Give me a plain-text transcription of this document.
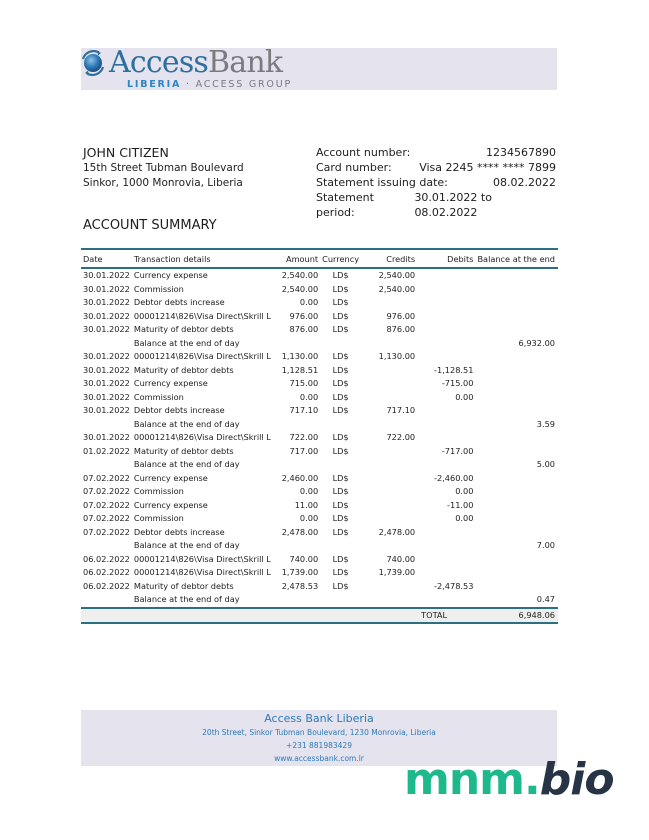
AccessBank
LIBERIA · ACCESS GROUP
JOHN CITIZEN
15th Street Tubman Boulevard
Sinkor, 1000 Monrovia, Liberia
Account number:	1234567890
Card number:	Visa 2245 **** **** 7899
Statement issuing date:	08.02.2022
Statement period:
30.01.2022 to 08.02.2022
ACCOUNT SUMMARY
Date	Transaction details	Amount	Currency	Credits	Debits	Balance at the end
30.01.2022	Currency expense	2,540.00	LD$	2,540.00		
30.01.2022	Commission	2,540.00	LD$	2,540.00		
30.01.2022	Debtor debts increase	0.00	LD$			
30.01.2022	00001214\826\Visa Direct\Skrill L	976.00	LD$	976.00		
30.01.2022	Maturity of debtor debts	876.00	LD$	876.00		
	Balance at the end of day					6,932.00
30.01.2022	00001214\826\Visa Direct\Skrill L	1,130.00	LD$	1,130.00		
30.01.2022	Maturity of debtor debts	1,128.51	LD$		-1,128.51	
30.01.2022	Currency expense	715.00	LD$		-715.00	
30.01.2022	Commission	0.00	LD$		0.00	
30.01.2022	Debtor debts increase	717.10	LD$	717.10		
	Balance at the end of day					3.59
30.01.2022	00001214\826\Visa Direct\Skrill L	722.00	LD$	722.00		
01.02.2022	Maturity of debtor debts	717.00	LD$		-717.00	
	Balance at the end of day					5.00
07.02.2022	Currency expense	2,460.00	LD$		-2,460.00	
07.02.2022	Commission	0.00	LD$		0.00	
07.02.2022	Currency expense	11.00	LD$		-11.00	
07.02.2022	Commission	0.00	LD$		0.00	
07.02.2022	Debtor debts increase	2,478.00	LD$	2,478.00		
	Balance at the end of day					7.00
06.02.2022	00001214\826\Visa Direct\Skrill L	740.00	LD$	740.00		
06.02.2022	00001214\826\Visa Direct\Skrill L	1,739.00	LD$	1,739.00		
06.02.2022	Maturity of debtor debts	2,478.53	LD$		-2,478.53	
	Balance at the end of day					0.47
					TOTAL	6,948.06
Access Bank Liberia
20th Street, Sinkor Tubman Boulevard, 1230 Monrovia, Liberia
+231 881983429
www.accessbank.com.lr mnm.bio
